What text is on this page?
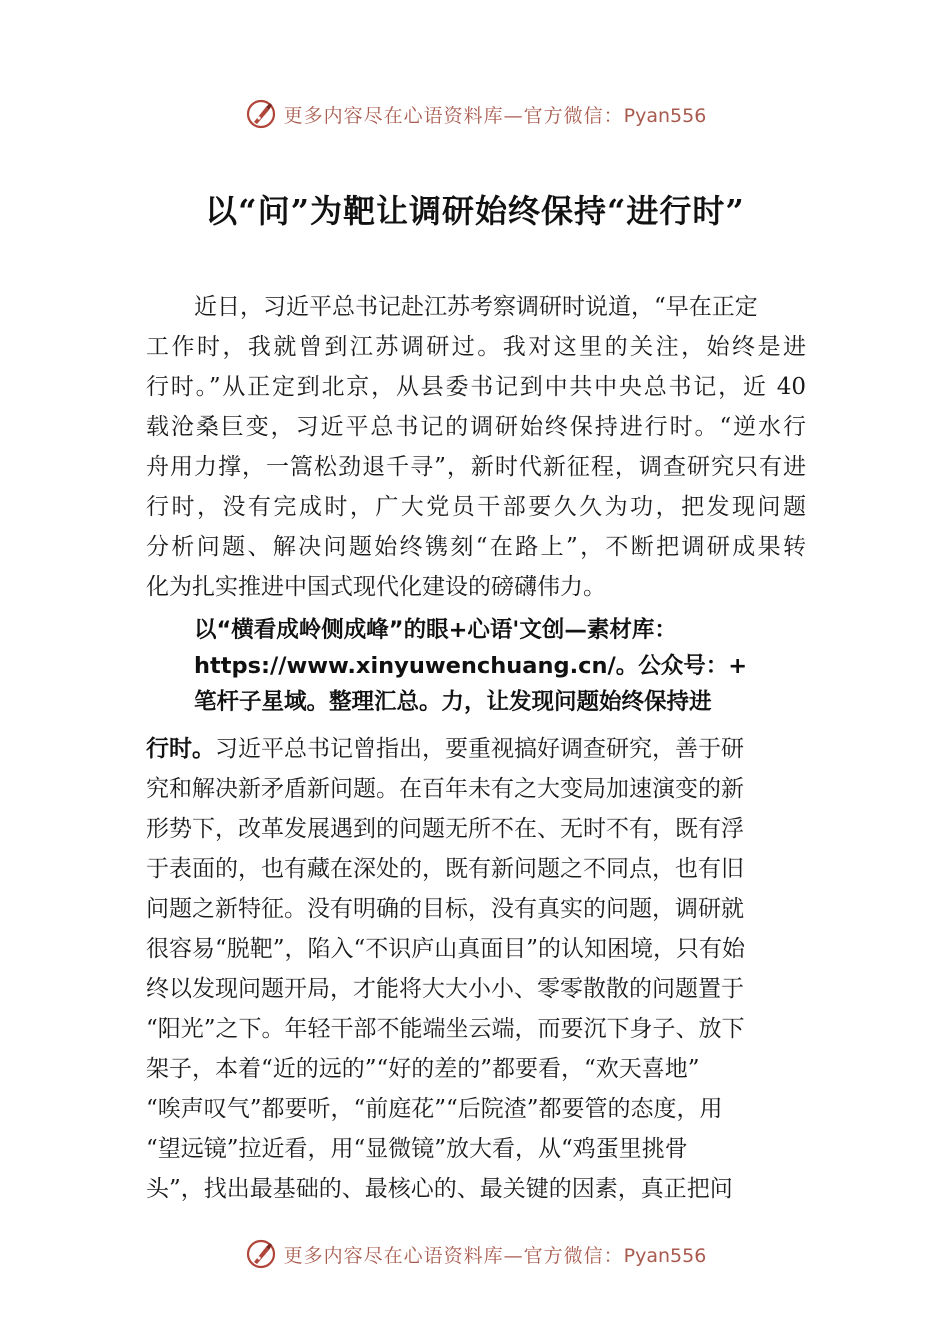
更多内容尽在心语资料库—官方微信：Pyan556
以“问”为靶让调研始终保持“进行时”
近日，习近平总书记赴江苏考察调研时说道，“早在正定
工作时，我就曾到江苏调研过。我对这里的关注，始终是进
行时。”从正定到北京，从县委书记到中共中央总书记，近 40
载沧桑巨变，习近平总书记的调研始终保持进行时。“逆水行
舟用力撑，一篙松劲退千寻”，新时代新征程，调查研究只有进
行时，没有完成时，广大党员干部要久久为功，把发现问题
分析问题、解决问题始终镌刻“在路上”，不断把调研成果转
化为扎实推进中国式现代化建设的磅礴伟力。
以“横看成岭侧成峰”的眼+心语'文创—素材库：
https://www.xinyuwenchuang.cn/。公众号：+
笔杆子星域。整理汇总。力，让发现问题始终保持进
行时。习近平总书记曾指出，要重视搞好调查研究，善于研
究和解决新矛盾新问题。在百年未有之大变局加速演变的新
形势下，改革发展遇到的问题无所不在、无时不有，既有浮
于表面的，也有藏在深处的，既有新问题之不同点，也有旧
问题之新特征。没有明确的目标，没有真实的问题，调研就
很容易“脱靶”，陷入“不识庐山真面目”的认知困境，只有始
终以发现问题开局，才能将大大小小、零零散散的问题置于
“阳光”之下。年轻干部不能端坐云端，而要沉下身子、放下
架子，本着“近的远的”“好的差的”都要看，“欢天喜地”
“唉声叹气”都要听，“前庭花”“后院渣”都要管的态度，用
“望远镜”拉近看，用“显微镜”放大看，从“鸡蛋里挑骨
头”，找出最基础的、最核心的、最关键的因素，真正把问
更多内容尽在心语资料库—官方微信：Pyan556
